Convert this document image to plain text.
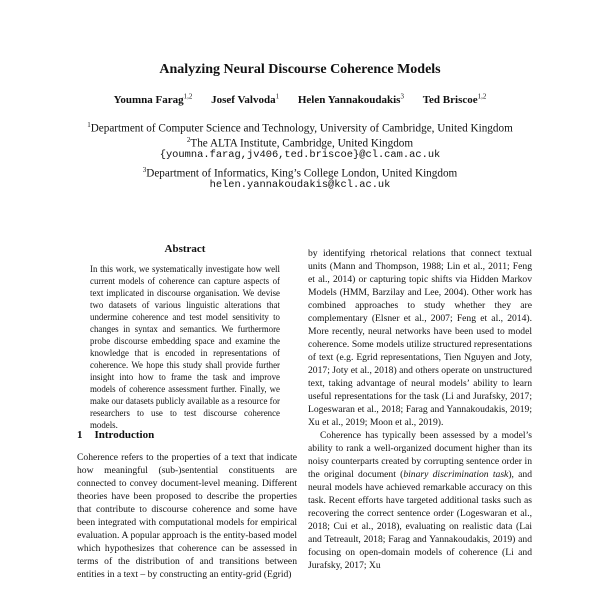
Analyzing Neural Discourse Coherence Models
Youmna Farag$^{1,2}$ Josef Valvoda$^1$ Helen Yannakoudakis$^3$ Ted Briscoe$^{1,2}$
$^1$Department of Computer Science and Technology, University of Cambridge, United Kingdom
$^2$The ALTA Institute, Cambridge, United Kingdom
{youmna.farag,jv406,ted.briscoe}@cl.cam.ac.uk
$^3$Department of Informatics, King’s College London, United Kingdom
helen.yannakoudakis@kcl.ac.uk
Abstract
In this work, we systematically investigate how well current models of coherence can capture aspects of text implicated in discourse organisation. We devise two datasets of various linguistic alterations that undermine coherence and test model sensitivity to changes in syntax and semantics. We furthermore probe discourse embedding space and examine the knowledge that is encoded in representations of coherence. We hope this study shall provide further insight into how to frame the task and improve models of coherence assessment further. Finally, we make our datasets publicly available as a resource for researchers to use to test discourse coherence models.
1 Introduction

Coherence refers to the properties of a text that indicate how meaningful (sub-)sentential constituents are connected to convey document-level meaning. Different theories have been proposed to describe the properties that contribute to discourse coherence and some have been integrated with computational models for empirical evaluation. A popular approach is the entity-based model which hypothesizes that coherence can be assessed in terms of the distribution of and transitions between entities in a text – by constructing an entity-grid (Egrid)

by identifying rhetorical relations that connect textual units (Mann and Thompson, 1988; Lin et al., 2011; Feng et al., 2014) or capturing topic shifts via Hidden Markov Models (HMM, Barzilay and Lee, 2004). Other work has combined approaches to study whether they are complementary (Elsner et al., 2007; Feng et al., 2014). More recently, neural networks have been used to model coherence. Some models utilize structured representations of text (e.g. Egrid representations, Tien Nguyen and Joty, 2017; Joty et al., 2018) and others operate on unstructured text, taking advantage of neural models’ ability to learn useful representations for the task (Li and Jurafsky, 2017; Logeswaran et al., 2018; Farag and Yannakoudakis, 2019; Xu et al., 2019; Moon et al., 2019).

Coherence has typically been assessed by a model’s ability to rank a well-organized document higher than its noisy counterparts created by corrupting sentence order in the original document (binary discrimination task), and neural models have achieved remarkable accuracy on this task. Recent efforts have targeted additional tasks such as recovering the correct sentence order (Logeswaran et al., 2018; Cui et al., 2018), evaluating on realistic data (Lai and Tetreault, 2018; Farag and Yannakoudakis, 2019) and focusing on open-domain models of coherence (Li and Jurafsky, 2017; Xu
